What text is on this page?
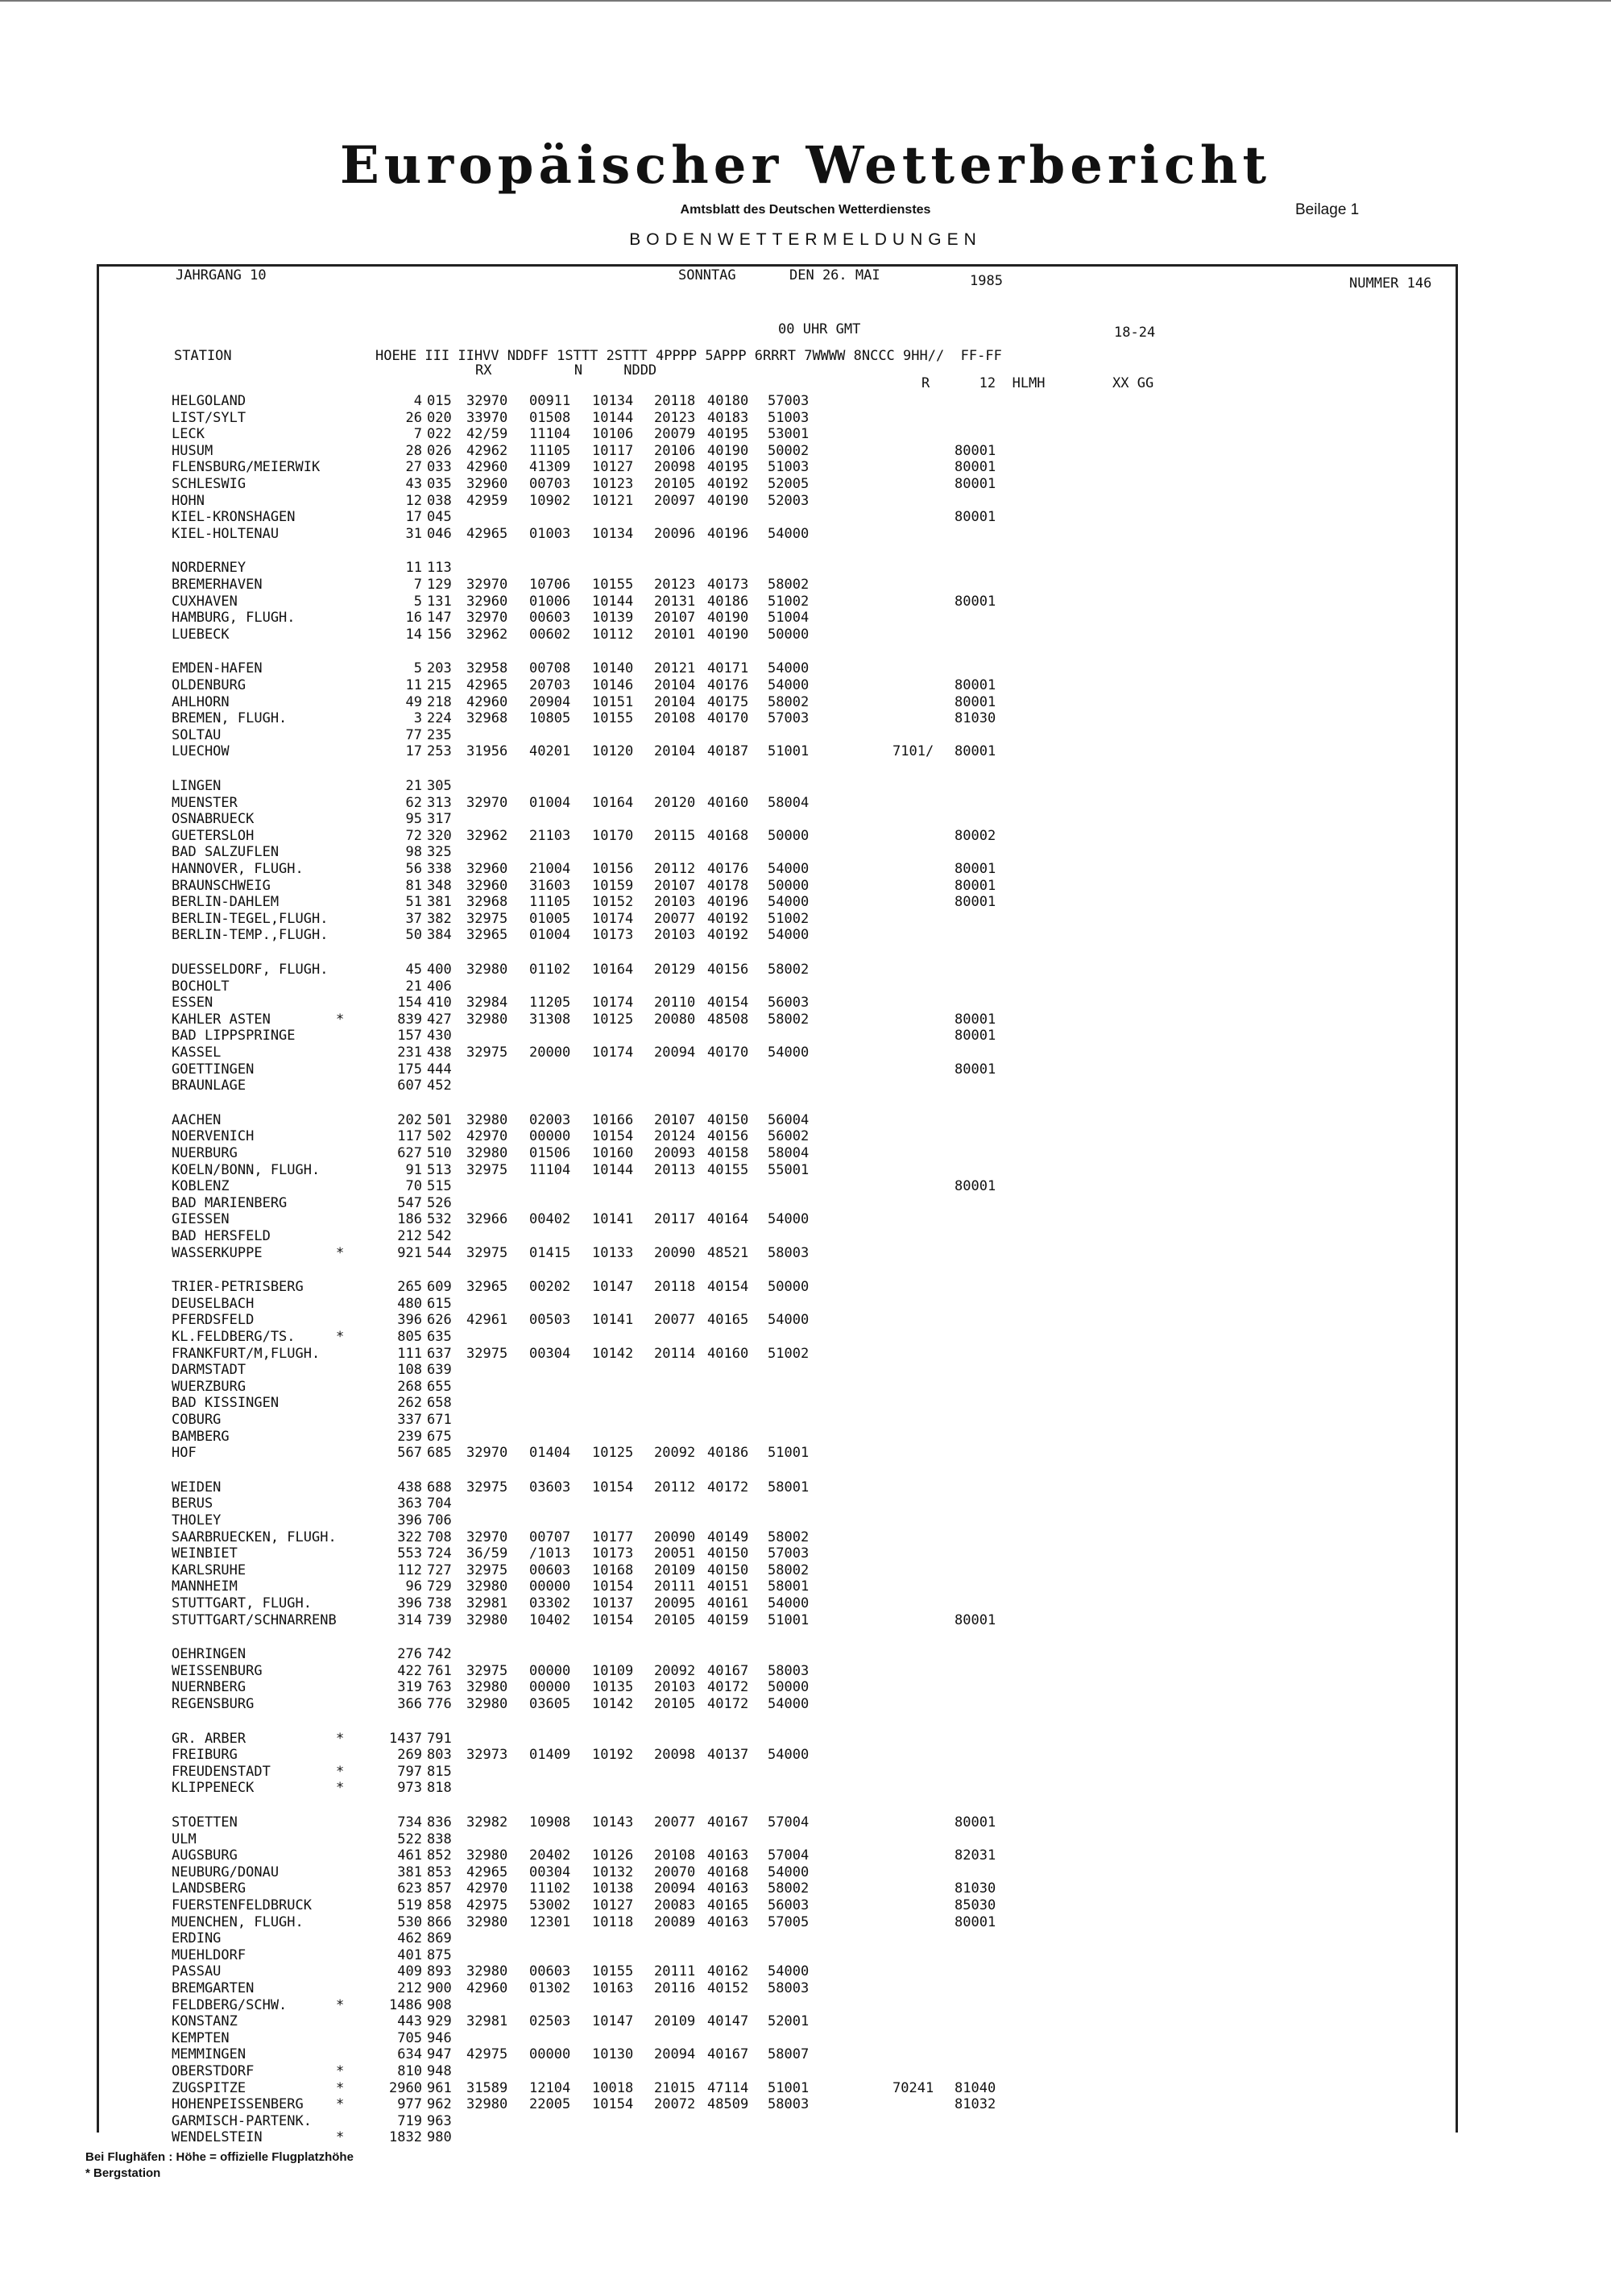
Europäischer Wetterbericht
Amtsblatt des Deutschen Wetterdienstes	Beilage 1
BODENWETTERMELDUNGEN
JAHRGANG 10	SONNTAG	DEN 26. MAI	1985	NUMMER 146
00 UHR GMT	18-24
STATION	HOEHE III IIHVV NDDFF 1STTT 2STTT 4PPPP 5APPP 6RRRT 7WWWW 8NCCC 9HH//  FF-FF
RX          N     NDDD
R      12  HLMH	XX GG
HELGOLAND	4 015 32970 00911 10134 20118 40180 57003
LIST/SYLT	26 020 33970 01508 10144 20123 40183 51003
LECK	7 022 42/59 11104 10106 20079 40195 53001
HUSUM	28 026 42962 11105 10117 20106 40190 50002	80001
FLENSBURG/MEIERWIK	27 033 42960 41309 10127 20098 40195 51003	80001
SCHLESWIG	43 035 32960 00703 10123 20105 40192 52005	80001
HOHN	12 038 42959 10902 10121 20097 40190 52003
KIEL-KRONSHAGEN	17 045	80001
KIEL-HOLTENAU	31 046 42965 01003 10134 20096 40196 54000
NORDERNEY	11 113
BREMERHAVEN	7 129 32970 10706 10155 20123 40173 58002
CUXHAVEN	5 131 32960 01006 10144 20131 40186 51002	80001
HAMBURG, FLUGH.	16 147 32970 00603 10139 20107 40190 51004
LUEBECK	14 156 32962 00602 10112 20101 40190 50000
EMDEN-HAFEN	5 203 32958 00708 10140 20121 40171 54000
OLDENBURG	11 215 42965 20703 10146 20104 40176 54000	80001
AHLHORN	49 218 42960 20904 10151 20104 40175 58002	80001
BREMEN, FLUGH.	3 224 32968 10805 10155 20108 40170 57003	81030
SOLTAU	77 235
LUECHOW	17 253 31956 40201 10120 20104 40187 51001	7101/ 80001
LINGEN	21 305
MUENSTER	62 313 32970 01004 10164 20120 40160 58004
OSNABRUECK	95 317
GUETERSLOH	72 320 32962 21103 10170 20115 40168 50000	80002
BAD SALZUFLEN	98 325
HANNOVER, FLUGH.	56 338 32960 21004 10156 20112 40176 54000	80001
BRAUNSCHWEIG	81 348 32960 31603 10159 20107 40178 50000	80001
BERLIN-DAHLEM	51 381 32968 11105 10152 20103 40196 54000	80001
BERLIN-TEGEL,FLUGH.	37 382 32975 01005 10174 20077 40192 51002
BERLIN-TEMP.,FLUGH.	50 384 32965 01004 10173 20103 40192 54000
DUESSELDORF, FLUGH.	45 400 32980 01102 10164 20129 40156 58002
BOCHOLT	21 406
ESSEN	154 410 32984 11205 10174 20110 40154 56003
KAHLER ASTEN	*	839 427 32980 31308 10125 20080 48508 58002	80001
BAD LIPPSPRINGE	157 430	80001
KASSEL	231 438 32975 20000 10174 20094 40170 54000
GOETTINGEN	175 444	80001
BRAUNLAGE	607 452
AACHEN	202 501 32980 02003 10166 20107 40150 56004
NOERVENICH	117 502 42970 00000 10154 20124 40156 56002
NUERBURG	627 510 32980 01506 10160 20093 40158 58004
KOELN/BONN, FLUGH.	91 513 32975 11104 10144 20113 40155 55001
KOBLENZ	70 515	80001
BAD MARIENBERG	547 526
GIESSEN	186 532 32966 00402 10141 20117 40164 54000
BAD HERSFELD	212 542
WASSERKUPPE	*	921 544 32975 01415 10133 20090 48521 58003
TRIER-PETRISBERG	265 609 32965 00202 10147 20118 40154 50000
DEUSELBACH	480 615
PFERDSFELD	396 626 42961 00503 10141 20077 40165 54000
KL.FELDBERG/TS.	*	805 635
FRANKFURT/M,FLUGH.	111 637 32975 00304 10142 20114 40160 51002
DARMSTADT	108 639
WUERZBURG	268 655
BAD KISSINGEN	262 658
COBURG	337 671
BAMBERG	239 675
HOF	567 685 32970 01404 10125 20092 40186 51001
WEIDEN	438 688 32975 03603 10154 20112 40172 58001
BERUS	363 704
THOLEY	396 706
SAARBRUECKEN, FLUGH.	322 708 32970 00707 10177 20090 40149 58002
WEINBIET	553 724 36/59 /1013 10173 20051 40150 57003
KARLSRUHE	112 727 32975 00603 10168 20109 40150 58002
MANNHEIM	96 729 32980 00000 10154 20111 40151 58001
STUTTGART, FLUGH.	396 738 32981 03302 10137 20095 40161 54000
STUTTGART/SCHNARRENB	314 739 32980 10402 10154 20105 40159 51001	80001
OEHRINGEN	276 742
WEISSENBURG	422 761 32975 00000 10109 20092 40167 58003
NUERNBERG	319 763 32980 00000 10135 20103 40172 50000
REGENSBURG	366 776 32980 03605 10142 20105 40172 54000
GR. ARBER	*	1437 791
FREIBURG	269 803 32973 01409 10192 20098 40137 54000
FREUDENSTADT	*	797 815
KLIPPENECK	*	973 818
STOETTEN	734 836 32982 10908 10143 20077 40167 57004	80001
ULM	522 838
AUGSBURG	461 852 32980 20402 10126 20108 40163 57004	82031
NEUBURG/DONAU	381 853 42965 00304 10132 20070 40168 54000
LANDSBERG	623 857 42970 11102 10138 20094 40163 58002	81030
FUERSTENFELDBRUCK	519 858 42975 53002 10127 20083 40165 56003	85030
MUENCHEN, FLUGH.	530 866 32980 12301 10118 20089 40163 57005	80001
ERDING	462 869
MUEHLDORF	401 875
PASSAU	409 893 32980 00603 10155 20111 40162 54000
BREMGARTEN	212 900 42960 01302 10163 20116 40152 58003
FELDBERG/SCHW.	*	1486 908
KONSTANZ	443 929 32981 02503 10147 20109 40147 52001
KEMPTEN	705 946
MEMMINGEN	634 947 42975 00000 10130 20094 40167 58007
OBERSTDORF	*	810 948
ZUGSPITZE	*	2960 961 31589 12104 10018 21015 47114 51001	70241 81040
HOHENPEISSENBERG *	977 962 32980 22005 10154 20072 48509 58003	81032
GARMISCH-PARTENK.	719 963
WENDELSTEIN	*	1832 980
Bei Flughäfen : Höhe = offizielle Flugplatzhöhe
* Bergstation
